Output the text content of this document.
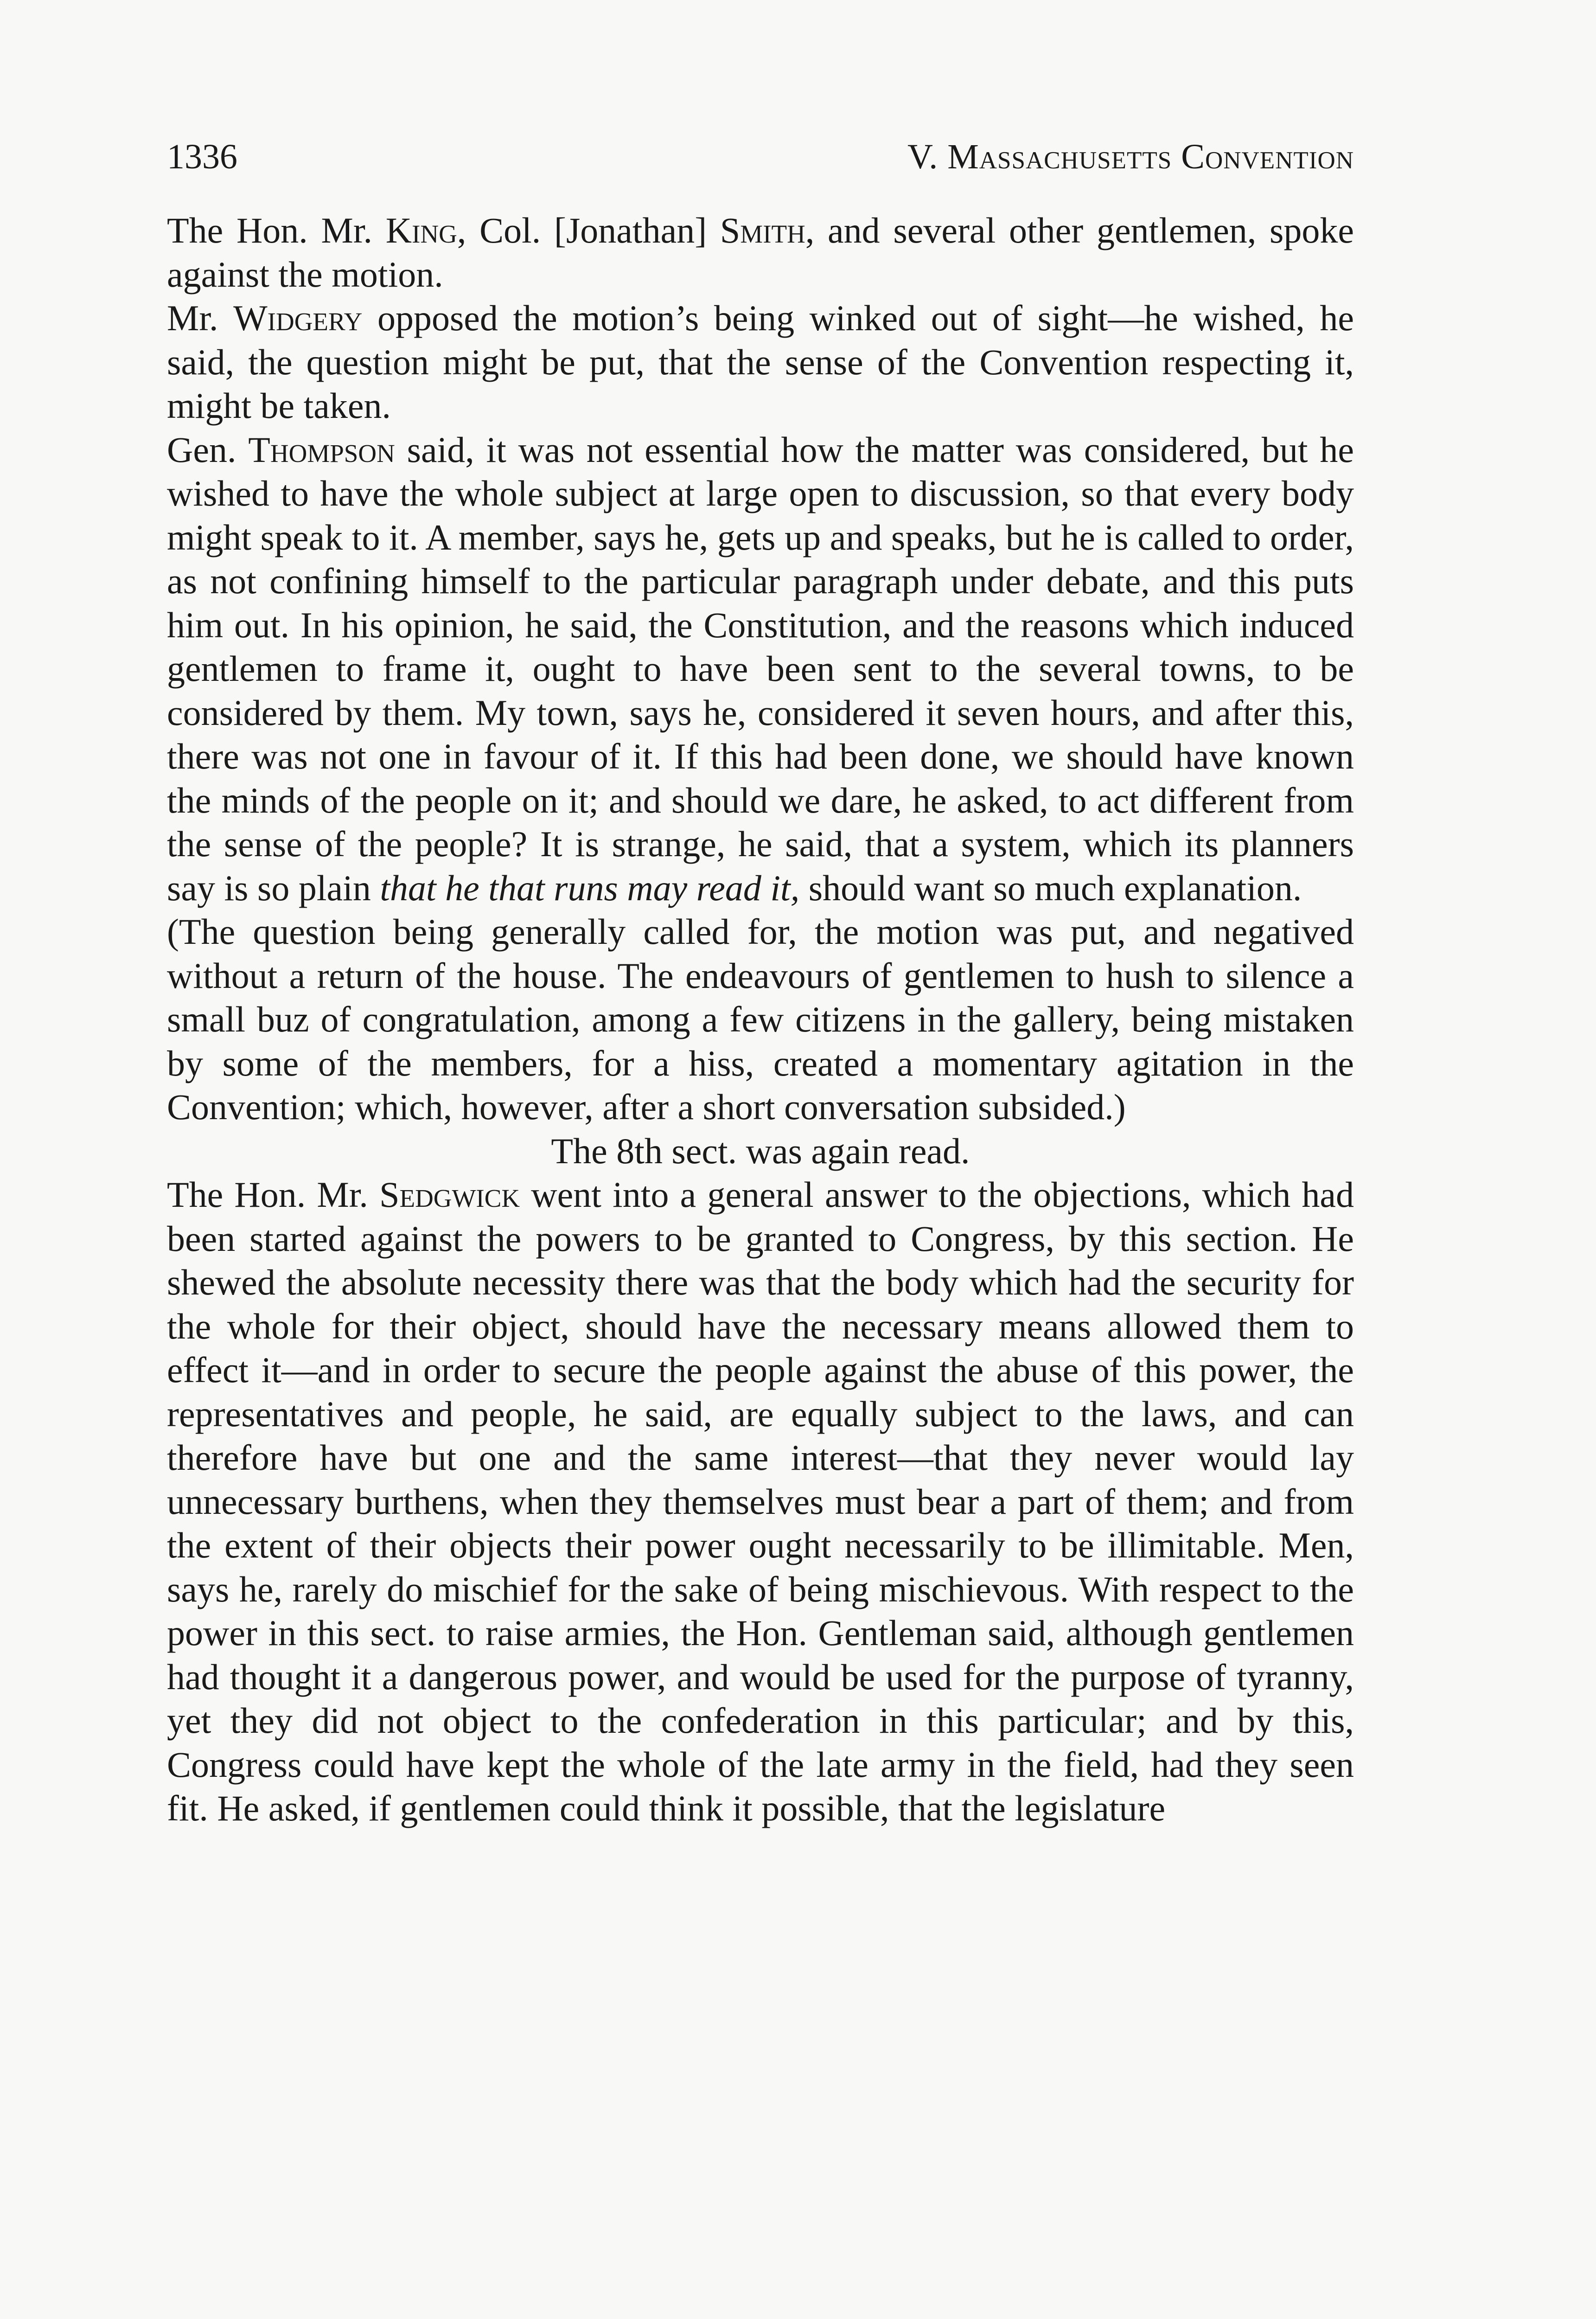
1336	V. Massachusetts Convention

The Hon. Mr. King, Col. [Jonathan] Smith, and several other gentlemen, spoke against the motion.

Mr. Widgery opposed the motion’s being winked out of sight—he wished, he said, the question might be put, that the sense of the Convention respecting it, might be taken.

Gen. Thompson said, it was not essential how the matter was considered, but he wished to have the whole subject at large open to discussion, so that every body might speak to it. A member, says he, gets up and speaks, but he is called to order, as not confining himself to the particular paragraph under debate, and this puts him out. In his opinion, he said, the Constitution, and the reasons which induced gentlemen to frame it, ought to have been sent to the several towns, to be considered by them. My town, says he, considered it seven hours, and after this, there was not one in favour of it. If this had been done, we should have known the minds of the people on it; and should we dare, he asked, to act different from the sense of the people? It is strange, he said, that a system, which its planners say is so plain that he that runs may read it, should want so much explanation.

(The question being generally called for, the motion was put, and negatived without a return of the house. The endeavours of gentlemen to hush to silence a small buz of congratulation, among a few citizens in the gallery, being mistaken by some of the members, for a hiss, created a momentary agitation in the Convention; which, however, after a short conversation subsided.)

The 8th sect. was again read.

The Hon. Mr. Sedgwick went into a general answer to the objections, which had been started against the powers to be granted to Congress, by this section. He shewed the absolute necessity there was that the body which had the security for the whole for their object, should have the necessary means allowed them to effect it—and in order to secure the people against the abuse of this power, the representatives and people, he said, are equally subject to the laws, and can therefore have but one and the same interest—that they never would lay unnecessary burthens, when they themselves must bear a part of them; and from the extent of their objects their power ought necessarily to be illimitable. Men, says he, rarely do mischief for the sake of being mischievous. With respect to the power in this sect. to raise armies, the Hon. Gentleman said, although gentlemen had thought it a dangerous power, and would be used for the purpose of tyranny, yet they did not object to the confederation in this particular; and by this, Congress could have kept the whole of the late army in the field, had they seen fit. He asked, if gentlemen could think it possible, that the legislature
